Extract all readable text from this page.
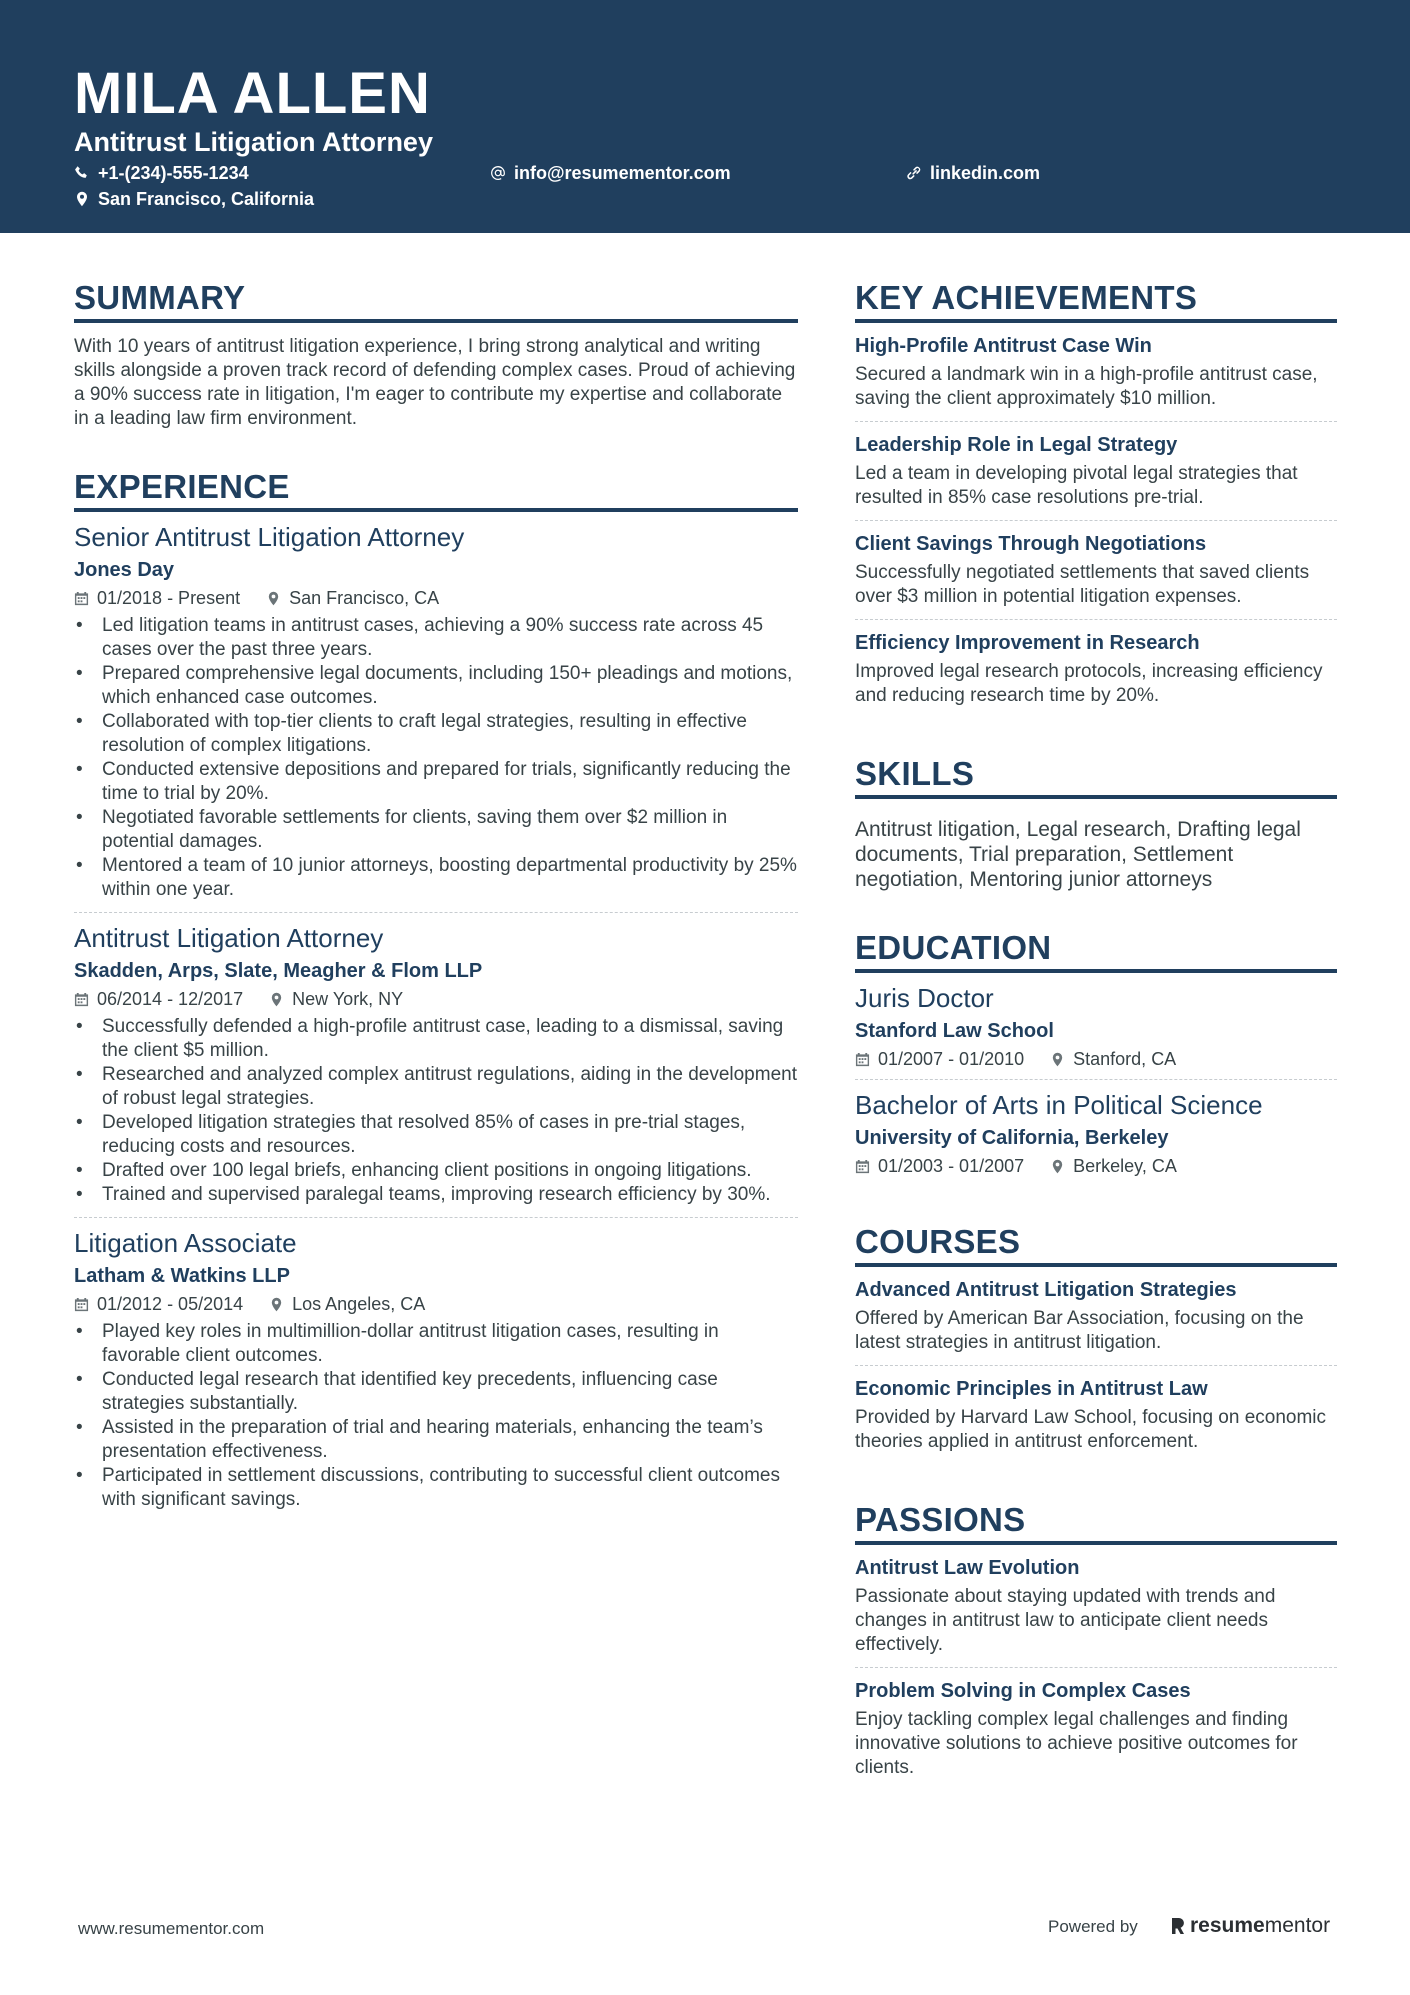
MILA ALLEN
Antitrust Litigation Attorney
+1-(234)-555-1234	info@resumementor.com	linkedin.com
San Francisco, California
SUMMARY
With 10 years of antitrust litigation experience, I bring strong analytical and writing skills alongside a proven track record of defending complex cases. Proud of achieving a 90% success rate in litigation, I'm eager to contribute my expertise and collaborate in a leading law firm environment.
EXPERIENCE
Senior Antitrust Litigation Attorney
Jones Day
01/2018 - Present	San Francisco, CA
• Led litigation teams in antitrust cases, achieving a 90% success rate across 45 cases over the past three years.
• Prepared comprehensive legal documents, including 150+ pleadings and motions, which enhanced case outcomes.
• Collaborated with top-tier clients to craft legal strategies, resulting in effective resolution of complex litigations.
• Conducted extensive depositions and prepared for trials, significantly reducing the time to trial by 20%.
• Negotiated favorable settlements for clients, saving them over $2 million in potential damages.
• Mentored a team of 10 junior attorneys, boosting departmental productivity by 25% within one year.
Antitrust Litigation Attorney
Skadden, Arps, Slate, Meagher & Flom LLP
06/2014 - 12/2017	New York, NY
• Successfully defended a high-profile antitrust case, leading to a dismissal, saving the client $5 million.
• Researched and analyzed complex antitrust regulations, aiding in the development of robust legal strategies.
• Developed litigation strategies that resolved 85% of cases in pre-trial stages, reducing costs and resources.
• Drafted over 100 legal briefs, enhancing client positions in ongoing litigations.
• Trained and supervised paralegal teams, improving research efficiency by 30%.
Litigation Associate
Latham & Watkins LLP
01/2012 - 05/2014	Los Angeles, CA
• Played key roles in multimillion-dollar antitrust litigation cases, resulting in favorable client outcomes.
• Conducted legal research that identified key precedents, influencing case strategies substantially.
• Assisted in the preparation of trial and hearing materials, enhancing the team’s presentation effectiveness.
• Participated in settlement discussions, contributing to successful client outcomes with significant savings.
KEY ACHIEVEMENTS
High-Profile Antitrust Case Win
Secured a landmark win in a high-profile antitrust case, saving the client approximately $10 million.
Leadership Role in Legal Strategy
Led a team in developing pivotal legal strategies that resulted in 85% case resolutions pre-trial.
Client Savings Through Negotiations
Successfully negotiated settlements that saved clients over $3 million in potential litigation expenses.
Efficiency Improvement in Research
Improved legal research protocols, increasing efficiency and reducing research time by 20%.
SKILLS
Antitrust litigation, Legal research, Drafting legal documents, Trial preparation, Settlement negotiation, Mentoring junior attorneys
EDUCATION
Juris Doctor
Stanford Law School
01/2007 - 01/2010	Stanford, CA
Bachelor of Arts in Political Science
University of California, Berkeley
01/2003 - 01/2007	Berkeley, CA
COURSES
Advanced Antitrust Litigation Strategies
Offered by American Bar Association, focusing on the latest strategies in antitrust litigation.
Economic Principles in Antitrust Law
Provided by Harvard Law School, focusing on economic theories applied in antitrust enforcement.
PASSIONS
Antitrust Law Evolution
Passionate about staying updated with trends and changes in antitrust law to anticipate client needs effectively.
Problem Solving in Complex Cases
Enjoy tackling complex legal challenges and finding innovative solutions to achieve positive outcomes for clients.
www.resumementor.com	Powered by resume mentor
